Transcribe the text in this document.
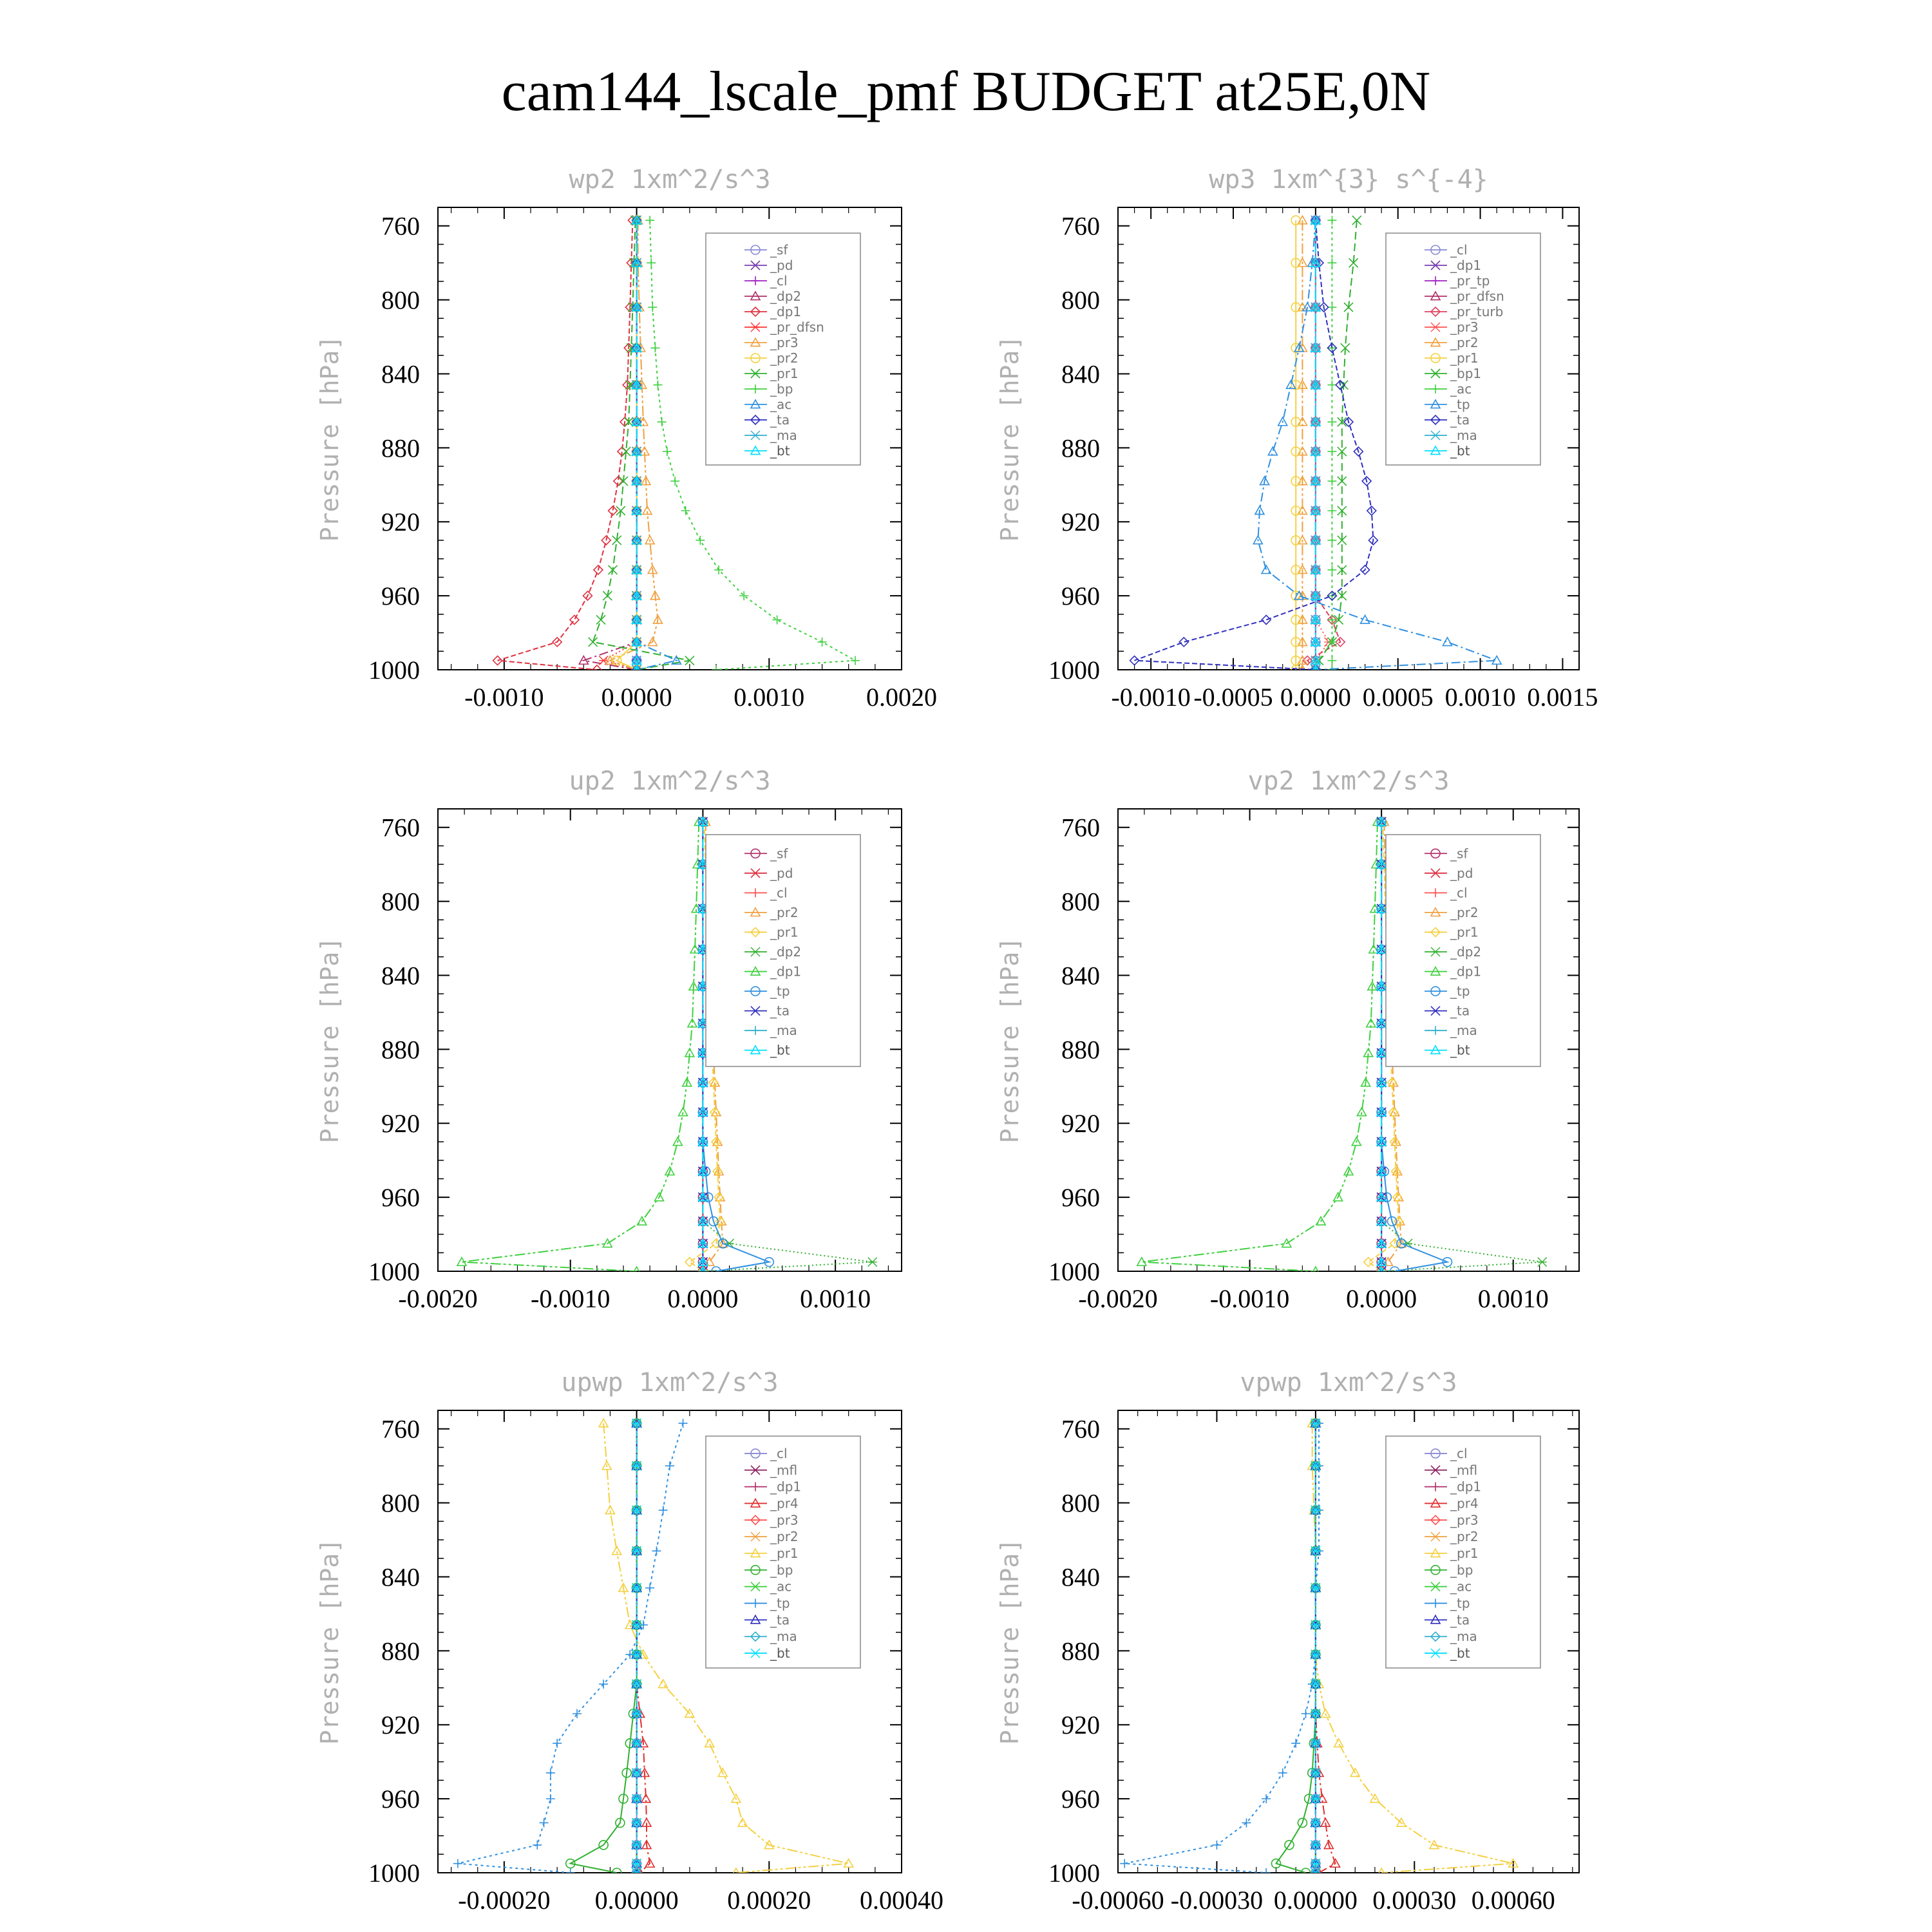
cam144_lscale_pmf BUDGET at25E,0N
wp2 1xm^2/s^3
Pressure [hPa]
760
800
840
880
920
960
1000
-0.0010 0.0000 0.0010 0.0020
_sf
_pd
_cl
_dp2
_dp1
_pr_dfsn
_pr3
_pr2
_pr1
_bp
_ac
_ta
_ma
_bt
wp3 1xm^{3} s^{-4}
Pressure [hPa]
760
800
840
880
920
960
1000
-0.0010 -0.0005 0.0000 0.0005 0.0010 0.0015
_cl
_dp1
_pr_tp
_pr_dfsn
_pr_turb
_pr3
_pr2
_pr1
_bp1
_ac
_tp
_ta
_ma
_bt
up2 1xm^2/s^3
Pressure [hPa]
760
800
840
880
920
960
1000
-0.0020 -0.0010 0.0000 0.0010
_sf
_pd
_cl
_pr2
_pr1
_dp2
_dp1
_tp
_ta
_ma
_bt
vp2 1xm^2/s^3
Pressure [hPa]
760
800
840
880
920
960
1000
-0.0020 -0.0010 0.0000 0.0010
_sf
_pd
_cl
_pr2
_pr1
_dp2
_dp1
_tp
_ta
_ma
_bt
upwp 1xm^2/s^3
Pressure [hPa]
760
800
840
880
920
960
1000
-0.00020 0.00000 0.00020 0.00040
_cl
_mfl
_dp1
_pr4
_pr3
_pr2
_pr1
_bp
_ac
_tp
_ta
_ma
_bt
vpwp 1xm^2/s^3
Pressure [hPa]
760
800
840
880
920
960
1000
-0.00060 -0.00030 0.00000 0.00030 0.00060
_cl
_mfl
_dp1
_pr4
_pr3
_pr2
_pr1
_bp
_ac
_tp
_ta
_ma
_bt
